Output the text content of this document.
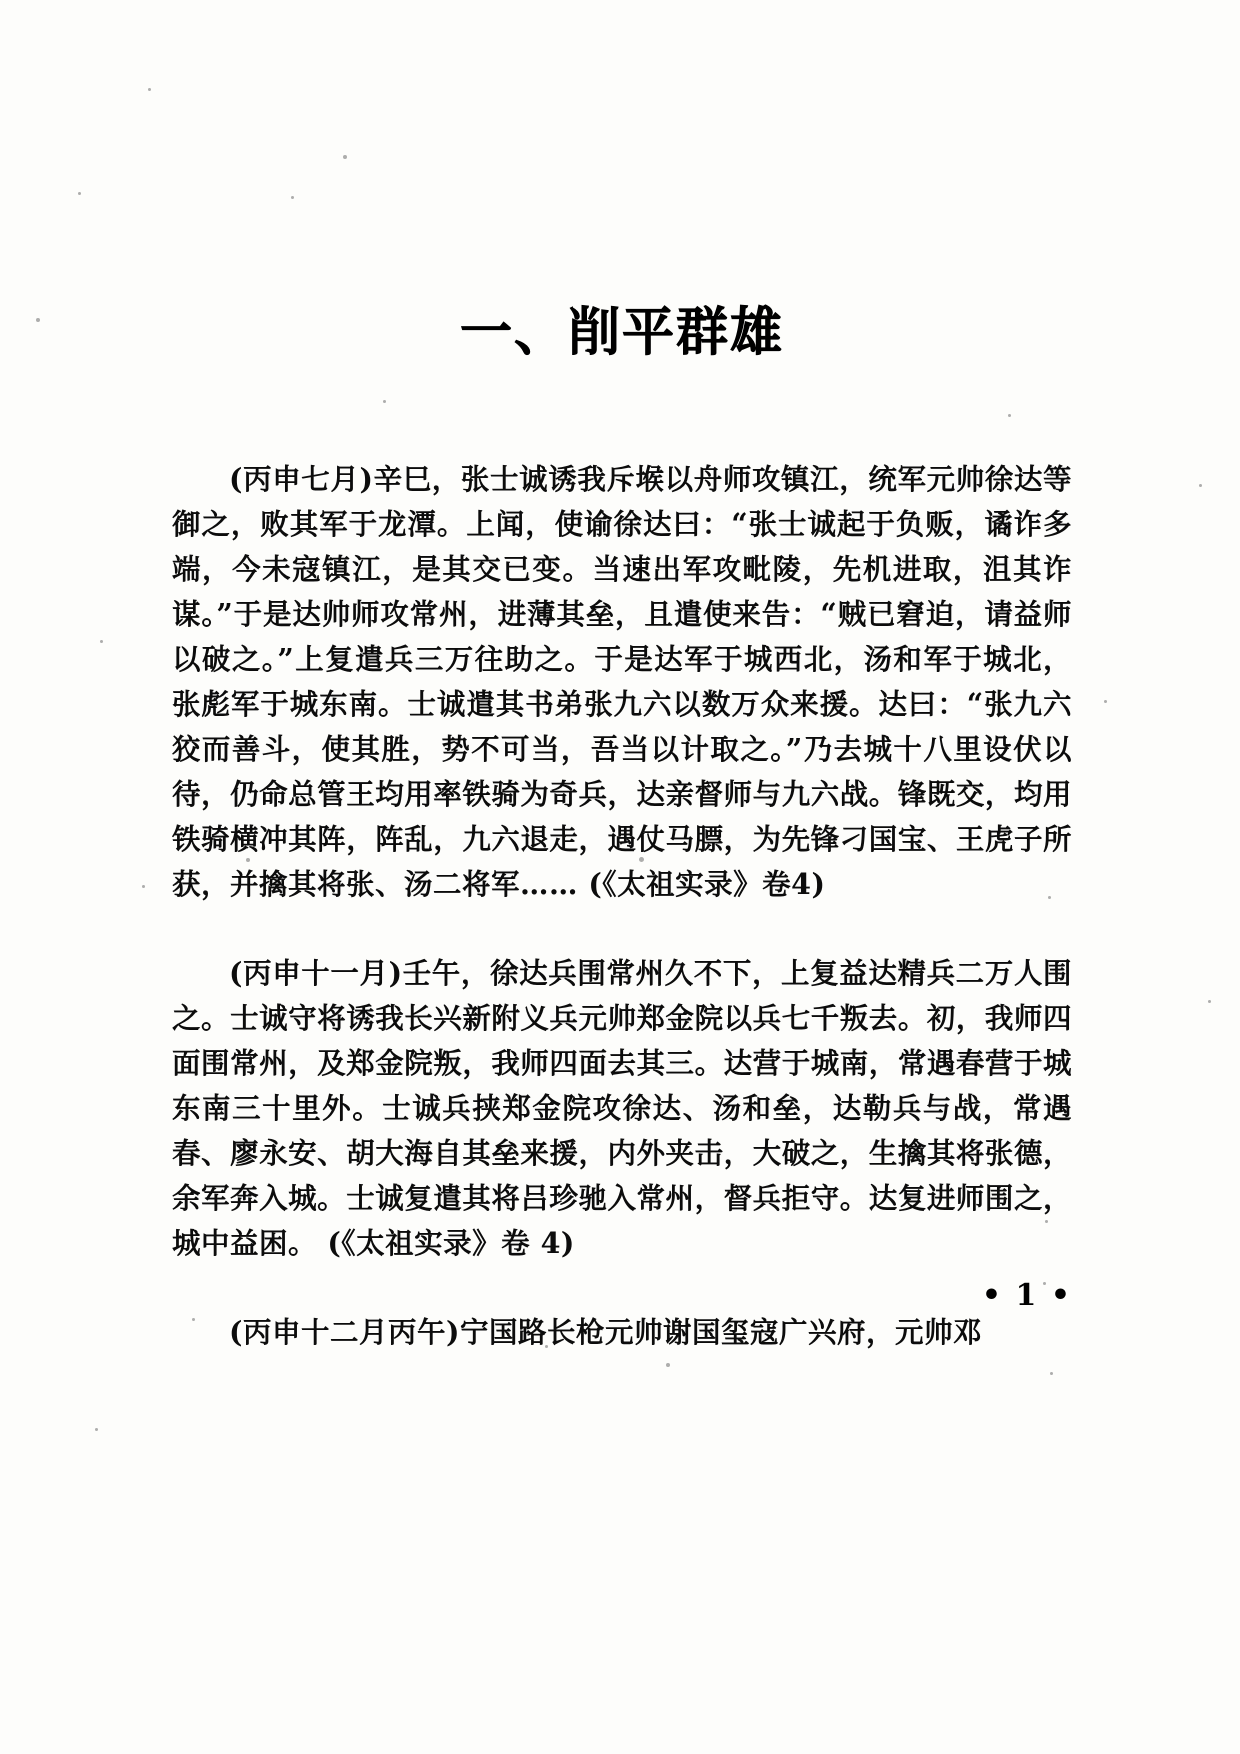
一、削平群雄

(丙申七月)辛巳，张士诚诱我斥堠以舟师攻镇江，统军元帅徐达等御之，败其军于龙潭。上闻，使谕徐达曰：“张士诚起于负贩，谲诈多端，今未寇镇江，是其交已变。当速出军攻毗陵，先机进取，沮其诈谋。”于是达帅师攻常州，进薄其垒，且遣使来告：“贼已窘迫，请益师以破之。”上复遣兵三万往助之。于是达军于城西北，汤和军于城北，张彪军于城东南。士诚遣其书弟张九六以数万众来援。达曰：“张九六狡而善斗，使其胜，势不可当，吾当以计取之。”乃去城十八里设伏以待，仍命总管王均用率铁骑为奇兵，达亲督师与九六战。锋既交，均用铁骑横冲其阵，阵乱，九六退走，遇仗马膘，为先锋刁国宝、王虎子所获，并擒其将张、汤二将军…… (《太祖实录》卷4)

(丙申十一月)壬午，徐达兵围常州久不下，上复益达精兵二万人围之。士诚守将诱我长兴新附义兵元帅郑金院以兵七千叛去。初，我师四面围常州，及郑金院叛，我师四面去其三。达营于城南，常遇春营于城东南三十里外。士诚兵挟郑金院攻徐达、汤和垒，达勒兵与战，常遇春、廖永安、胡大海自其垒来援，内外夹击，大破之，生擒其将张德，余军奔入城。士诚复遣其将吕珍驰入常州，督兵拒守。达复进师围之，城中益困。 (《太祖实录》卷 4)

(丙申十二月丙午)宁国路长枪元帅谢国玺寇广兴府，元帅邓

• 1 •
